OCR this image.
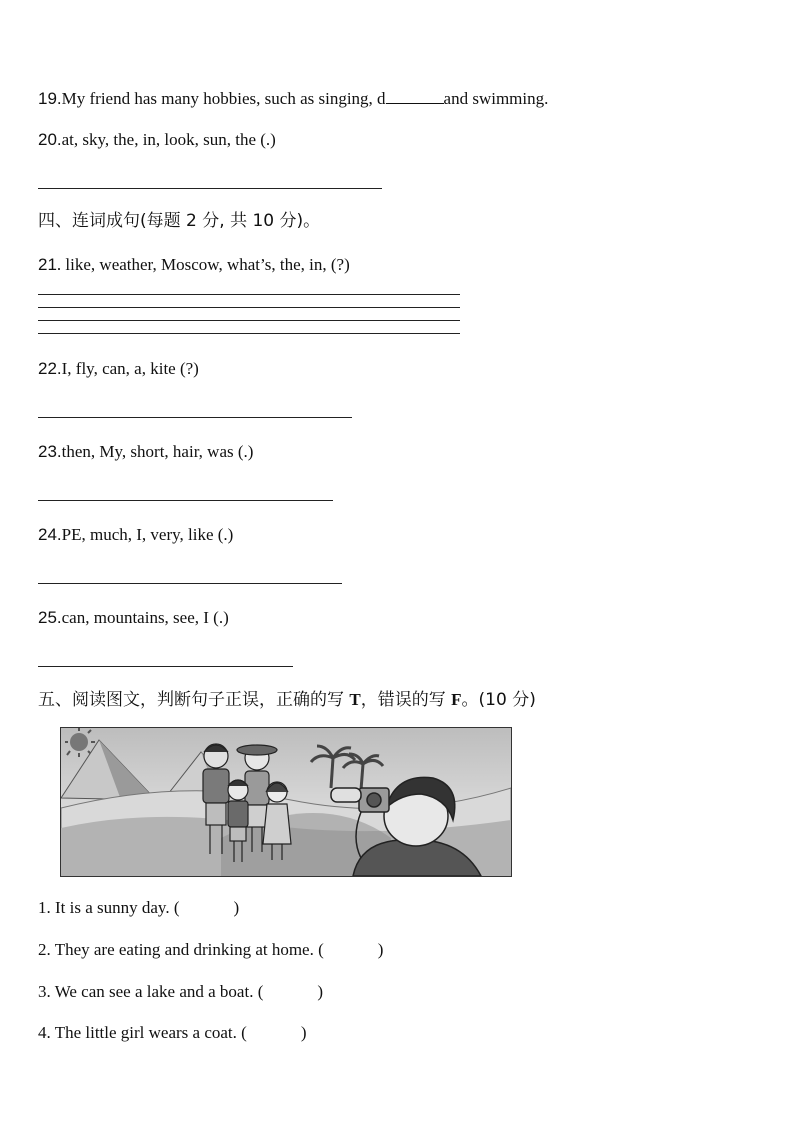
19.My friend has many hobbies, such as singing, d	and swimming.
20.at, sky, the, in, look, sun, the (.)
四、连词成句(每题 2 分, 共 10 分)。
21. like, weather, Moscow, what’s, the, in, (?)
22.I, fly, can, a, kite (?)
23.then, My, short, hair, was (.)
24.PE, much, I, very, like (.)
25.can, mountains, see, I (.)
五、阅读图文，判断句子正误，正确的写 T，错误的写 F。(10 分)
1. It is a sunny day. (	)
2. They are eating and drinking at home. (	)
3. We can see a lake and a boat. (	)
4. The little girl wears a coat. (	)
